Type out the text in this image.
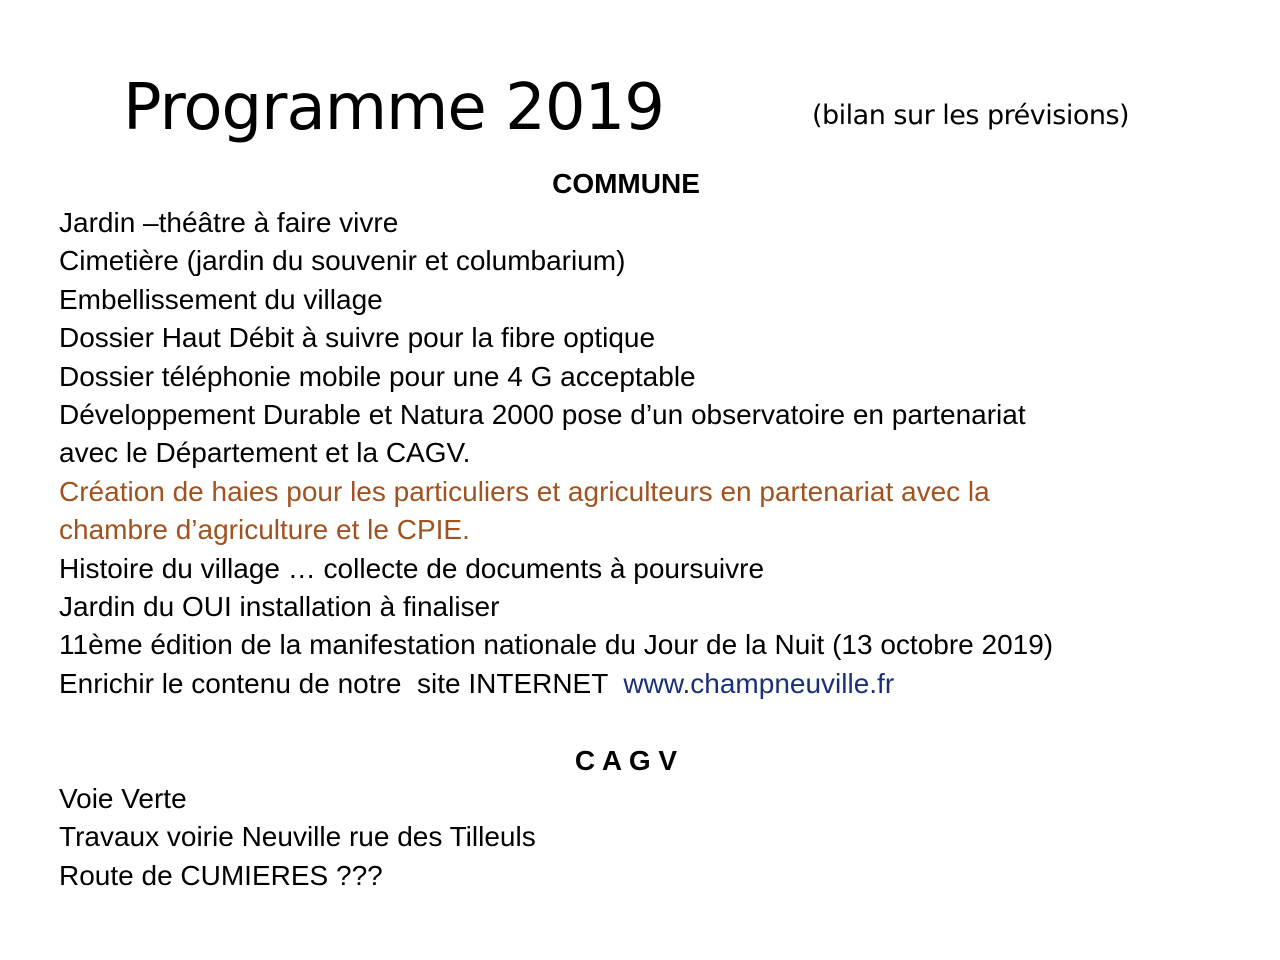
Programme 2019	(bilan sur les prévisions)
COMMUNE
Jardin –théâtre à faire vivre
Cimetière (jardin du souvenir et columbarium)
Embellissement du village
Dossier Haut Débit à suivre pour la fibre optique
Dossier téléphonie mobile pour une 4 G acceptable
Développement Durable et Natura 2000 pose d’un observatoire en partenariat
avec le Département et la CAGV.
Création de haies pour les particuliers et agriculteurs en partenariat avec la
chambre d’agriculture et le CPIE.
Histoire du village … collecte de documents à poursuivre
Jardin du OUI installation à finaliser
11ème édition de la manifestation nationale du Jour de la Nuit (13 octobre 2019)
Enrichir le contenu de notre  site INTERNET  www.champneuville.fr
C A G V
Voie Verte
Travaux voirie Neuville rue des Tilleuls
Route de CUMIERES ???
